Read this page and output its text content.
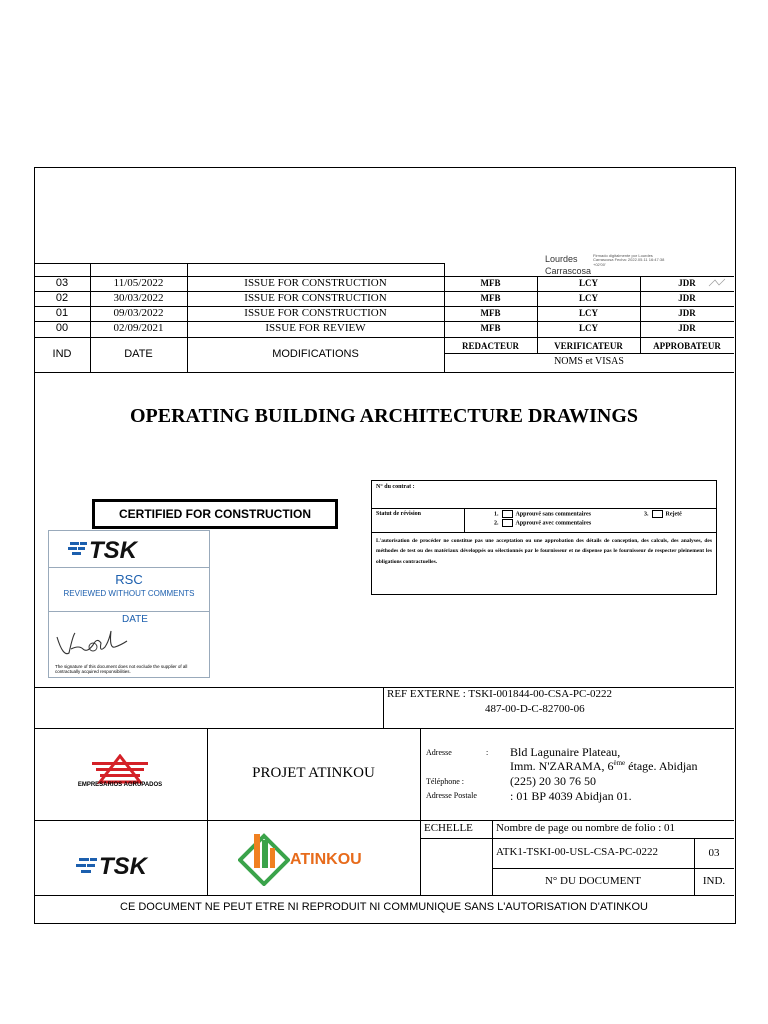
Lourdes
Carrascosa
Firmado digitalmente por Lourdes Carrascosa Fecha: 2022.05.11 16:47:38 +02'00'
03	11/05/2022	ISSUE FOR CONSTRUCTION	MFB	LCY	JDR
02	30/03/2022	ISSUE FOR CONSTRUCTION	MFB	LCY	JDR
01	09/03/2022	ISSUE FOR CONSTRUCTION	MFB	LCY	JDR
00	02/09/2021	ISSUE FOR REVIEW	MFB	LCY	JDR
IND	DATE	MODIFICATIONS
REDACTEUR	VERIFICATEUR	APPROBATEUR
NOMS et VISAS
OPERATING BUILDING ARCHITECTURE DRAWINGS
CERTIFIED FOR CONSTRUCTION
TSK
RSC
REVIEWED WITHOUT COMMENTS
DATE
The signature of this document does not exclude the supplier of all contractually acquired responsibilities.
N° du contrat :
Statut de révision	1.	Approuvé sans commentaires	3.	Rejeté
2.	Approuvé avec commentaires
L'autorisation de procéder ne constitue pas une acceptation ou une approbation des détails de conception, des calculs, des analyses, des méthodes de test ou des matériaux développés ou sélectionnés par le fournisseur et ne dispense pas le fournisseur de respecter pleinement les obligations contractuelles.
REF EXTERNE : TSKI-001844-00-CSA-PC-0222
487-00-D-C-82700-06
EMPRESARIOS AGRUPADOS
PROJET ATINKOU
Adresse	: Bld Lagunaire Plateau,
Imm. N'ZARAMA, 6ème étage. Abidjan
Téléphone :	(225) 20 30 76 50
Adresse Postale	: 01 BP 4039 Abidjan 01.
ECHELLE Nombre de page ou nombre de folio : 01
ATK1-TSKI-00-USL-CSA-PC-0222	03
N° DU DOCUMENT	IND.
TSK	ATINKOU
CE DOCUMENT NE PEUT ETRE NI REPRODUIT NI COMMUNIQUE SANS L'AUTORISATION D'ATINKOU
